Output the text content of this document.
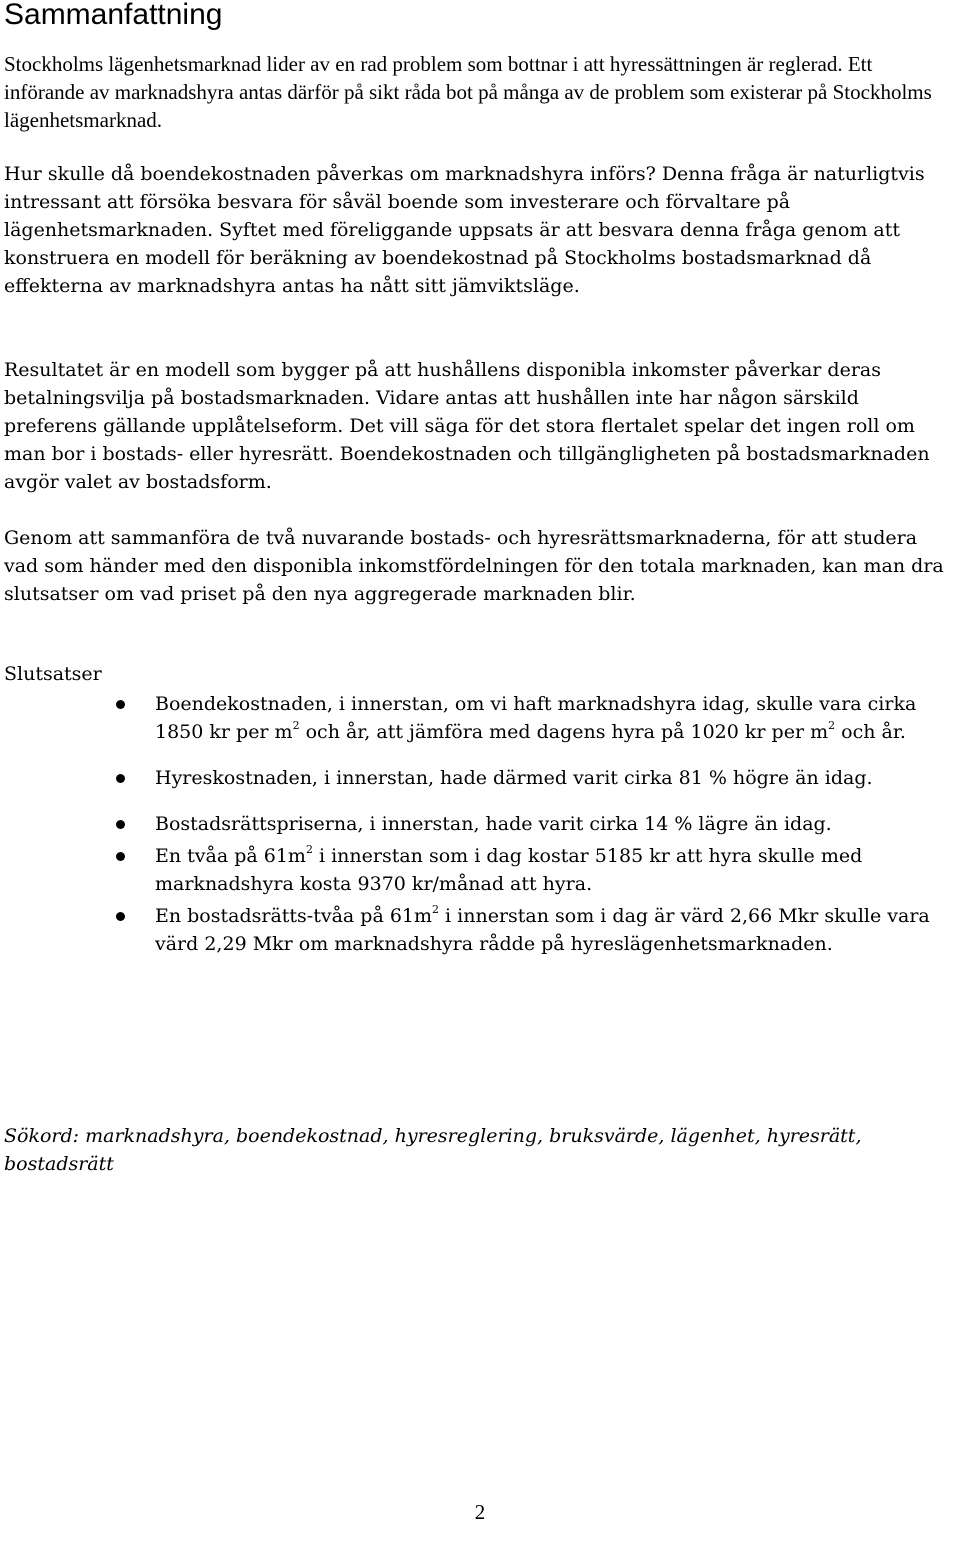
Sammanfattning

Stockholms lägenhetsmarknad lider av en rad problem som bottnar i att hyressättningen är reglerad. Ett införande av marknadshyra antas därför på sikt råda bot på många av de problem som existerar på Stockholms lägenhetsmarknad.

Hur skulle då boendekostnaden påverkas om marknadshyra införs? Denna fråga är naturligtvis intressant att försöka besvara för såväl boende som investerare och förvaltare på lägenhetsmarknaden. Syftet med föreliggande uppsats är att besvara denna fråga genom att konstruera en modell för beräkning av boendekostnad på Stockholms bostadsmarknad då effekterna av marknadshyra antas ha nått sitt jämviktsläge.

Resultatet är en modell som bygger på att hushållens disponibla inkomster påverkar deras betalningsvilja på bostadsmarknaden. Vidare antas att hushållen inte har någon särskild preferens gällande upplåtelseform. Det vill säga för det stora flertalet spelar det ingen roll om man bor i bostads- eller hyresrätt. Boendekostnaden och tillgängligheten på bostadsmarknaden avgör valet av bostadsform.

Genom att sammanföra de två nuvarande bostads- och hyresrättsmarknaderna, för att studera vad som händer med den disponibla inkomstfördelningen för den totala marknaden, kan man dra slutsatser om vad priset på den nya aggregerade marknaden blir.

Slutsatser

Boendekostnaden, i innerstan, om vi haft marknadshyra idag, skulle vara cirka 1850 kr per $m^2$ och år, att jämföra med dagens hyra på 1020 kr per $m^2$ och år.
Hyreskostnaden, i innerstan, hade därmed varit cirka 81 % högre än idag.
Bostadsrättspriserna, i innerstan, hade varit cirka 14 % lägre än idag.
En tvåa på $61m^2$ i innerstan som i dag kostar 5185 kr att hyra skulle med marknadshyra kosta 9370 kr/månad att hyra.
En bostadsrätts-tvåa på $61m^2$ i innerstan som i dag är värd 2,66 Mkr skulle vara värd 2,29 Mkr om marknadshyra rådde på hyreslägenhetsmarknaden.

Sökord: marknadshyra, boendekostnad, hyresreglering, bruksvärde, lägenhet, hyresrätt, bostadsrätt

2
